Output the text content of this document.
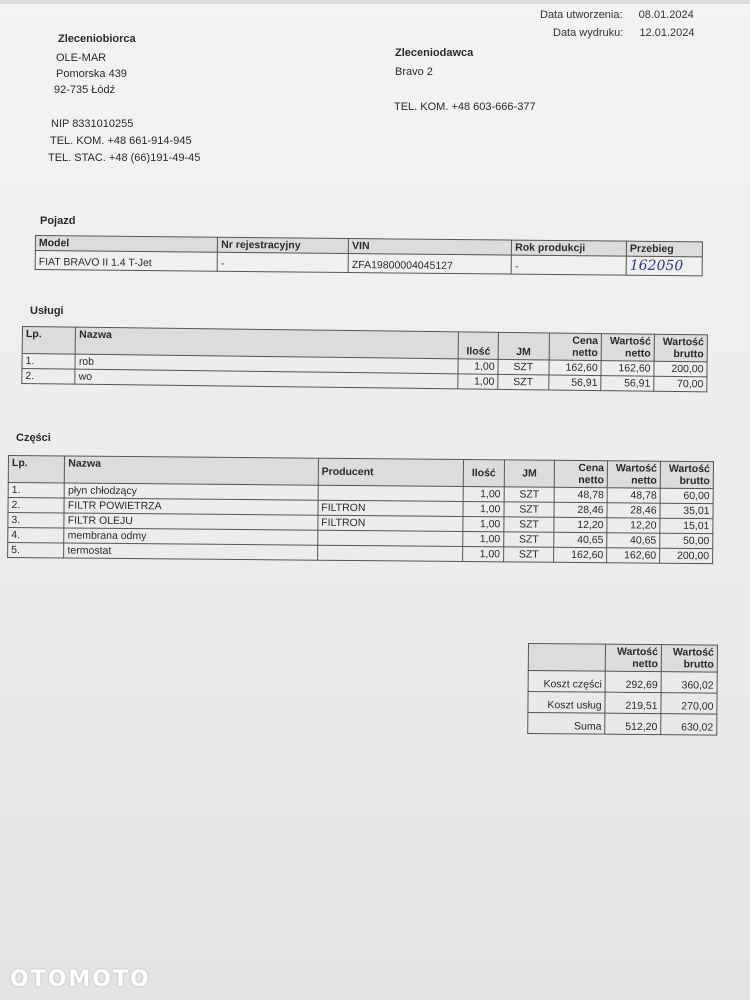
Data utworzenia: 08.01.2024
Data wydruku: 12.01.2024
Zleceniobiorca
OLE-MAR
Pomorska 439
92-735 Łódź
NIP 8331010255
TEL. KOM. +48 661-914-945
TEL. STAC. +48 (66)191-49-45
Zleceniodawca
Bravo 2
TEL. KOM. +48 603-666-377
Pojazd
Model	Nr rejestracyjny	VIN	Rok produkcji	Przebieg
FIAT BRAVO II 1.4 T-Jet	-	ZFA19800004045127	-	162050
Usługi
Lp.	Nazwa	Ilość	JM	Cena netto	Wartość netto	Wartość brutto
1.	rob	1,00	SZT	162,60	162,60	200,00
2.	wo	1,00	SZT	56,91	56,91	70,00
Części
Lp.	Nazwa	Producent	Ilość	JM	Cena netto	Wartość netto	Wartość brutto
1.	płyn chłodzący		1,00	SZT	48,78	48,78	60,00
2.	FILTR POWIETRZA	FILTRON	1,00	SZT	28,46	28,46	35,01
3.	FILTR OLEJU	FILTRON	1,00	SZT	12,20	12,20	15,01
4.	membrana odmy		1,00	SZT	40,65	40,65	50,00
5.	termostat		1,00	SZT	162,60	162,60	200,00
	Wartość netto	Wartość brutto
Koszt części	292,69	360,02
Koszt usług	219,51	270,00
Suma	512,20	630,02
OTOMOTO
